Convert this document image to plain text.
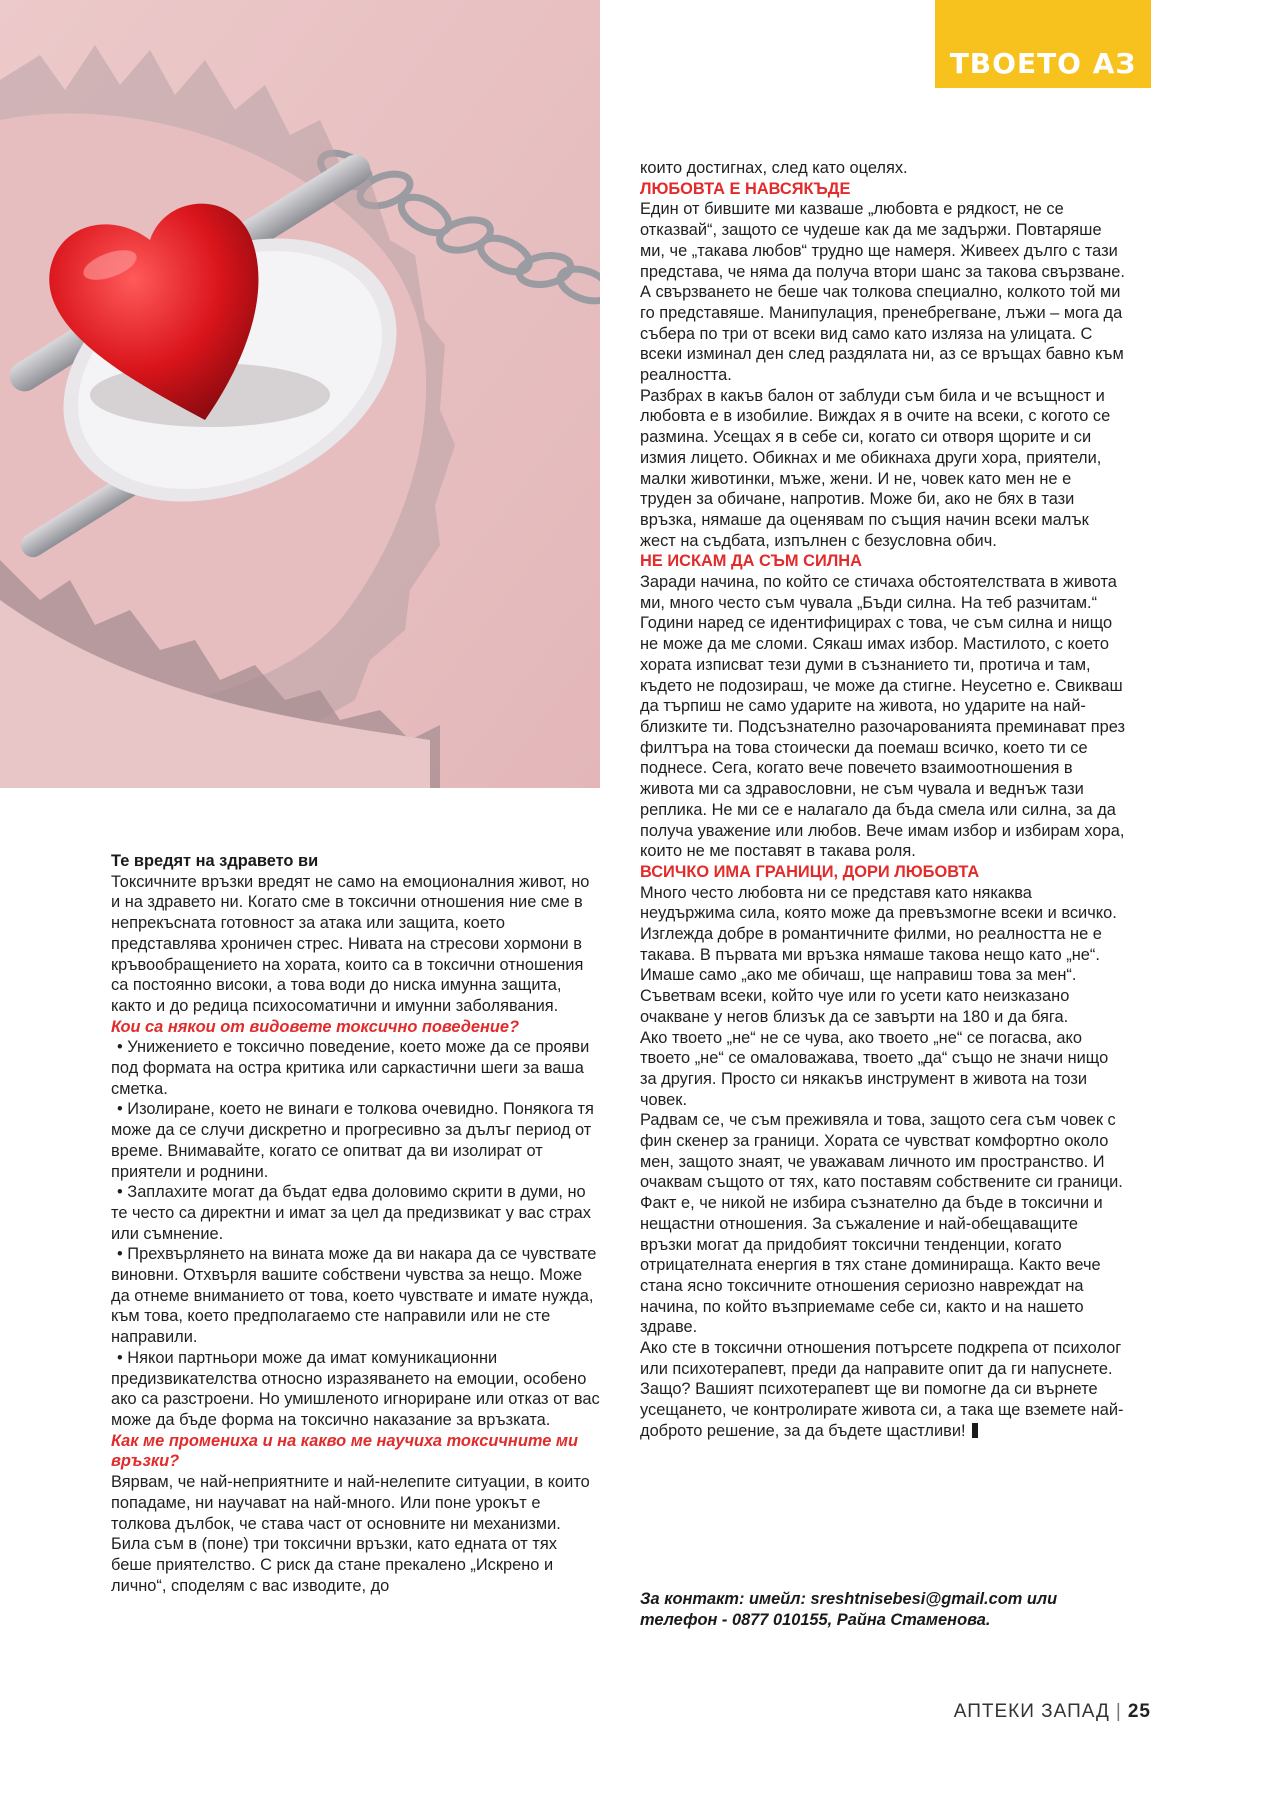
ТВОЕТО АЗ

Те вредят на здравето ви

Токсичните връзки вредят не само на емоционалния живот, но и на здравето ни. Когато сме в токсични отношения ние сме в непрекъсната готовност за атака или защита, което представлява хроничен стрес. Нивата на стресови хормони в кръвообращението на хората, които са в токсични отношения са постоянно високи, а това води до ниска имунна защита, както и до редица психосоматични и имунни заболявания.

Кои са някои от видовете токсично поведение?

• Унижението е токсично поведение, което може да се прояви под формата на остра критика или саркастични шеги за ваша сметка.

• Изолиране, което не винаги е толкова очевидно. Понякога тя може да се случи дискретно и прогресивно за дълъг период от време. Внимавайте, когато се опитват да ви изолират от приятели и роднини.

• Заплахите могат да бъдат едва доловимо скрити в думи, но те често са директни и имат за цел да предизвикат у вас страх или съмнение.

• Прехвърлянето на вината може да ви накара да се чувствате виновни. Отхвърля вашите собствени чувства за нещо. Може да отнеме вниманието от това, което чувствате и имате нужда, към това, което предполагаемо сте направили или не сте направили.

• Някои партньори може да имат комуникационни предизвикателства относно изразяването на емоции, особено ако са разстроени. Но умишленото игнориране или отказ от вас може да бъде форма на токсично наказание за връзката.

Как ме промениха и на какво ме научиха токсичните ми връзки?

Вярвам, че най-неприятните и най-нелепите ситуации, в които попадаме, ни научават на най-много. Или поне урокът е толкова дълбок, че става част от основните ни механизми. Била съм в (поне) три токсични връзки, като едната от тях беше приятелство. С риск да стане прекалено „Искрено и лично“, споделям с вас изводите, до

които достигнах, след като оцелях.

ЛЮБОВТА Е НАВСЯКЪДЕ

Един от бившите ми казваше „любовта е рядкост, не се отказвай“, защото се чудеше как да ме задържи. Повтаряше ми, че „такава любов“ трудно ще намеря. Живеех дълго с тази представа, че няма да получа втори шанс за такова свързване. А свързването не беше чак толкова специално, колкото той ми го представяше. Манипулация, пренебрегване, лъжи – мога да събера по три от всеки вид само като изляза на улицата. С всеки изминал ден след раздялата ни, аз се връщах бавно към реалността.

Разбрах в какъв балон от заблуди съм била и че всъщност и любовта е в изобилие. Виждах я в очите на всеки, с когото се размина. Усещах я в себе си, когато си отворя щорите и си измия лицето. Обикнах и ме обикнаха други хора, приятели, малки животинки, мъже, жени. И не, човек като мен не е труден за обичане, напротив. Може би, ако не бях в тази връзка, нямаше да оценявам по същия начин всеки малък жест на съдбата, изпълнен с безусловна обич.

НЕ ИСКАМ ДА СЪМ СИЛНА

Заради начина, по който се стичаха обстоятелствата в живота ми, много често съм чувала „Бъди силна. На теб разчитам.“ Години наред се идентифицирах с това, че съм силна и нищо не може да ме сломи. Сякаш имах избор. Мастилото, с което хората изписват тези думи в съзнанието ти, протича и там, където не подозираш, че може да стигне. Неусетно е. Свикваш да търпиш не само ударите на живота, но ударите на най-близките ти. Подсъзнателно разочарованията преминават през филтъра на това стоически да поемаш всичко, което ти се поднесе. Сега, когато вече повечето взаимоотношения в живота ми са здравословни, не съм чувала и веднъж тази реплика. Не ми се е налагало да бъда смела или силна, за да получа уважение или любов. Вече имам избор и избирам хора, които не ме поставят в такава роля.

ВСИЧКО ИМА ГРАНИЦИ, ДОРИ ЛЮБОВТА

Много често любовта ни се представя като някаква неудържима сила, която може да превъзмогне всеки и всичко. Изглежда добре в романтичните филми, но реалността не е такава. В първата ми връзка нямаше такова нещо като „не“. Имаше само „ако ме обичаш, ще направиш това за мен“. Съветвам всеки, който чуе или го усети като неизказано очакване у негов близък да се завърти на 180 и да бяга.

Ако твоето „не“ не се чува, ако твоето „не“ се погасва, ако твоето „не“ се омаловажава, твоето „да“ също не значи нищо за другия. Просто си някакъв инструмент в живота на този човек.

Радвам се, че съм преживяла и това, защото сега съм човек с фин скенер за граници. Хората се чувстват комфортно около мен, защото знаят, че уважавам личното им пространство. И очаквам същото от тях, като поставям собствените си граници.

Факт е, че никой не избира съзнателно да бъде в токсични и нещастни отношения. За съжаление и най-обещаващите връзки могат да придобият токсични тенденции, когато отрицателната енергия в тях стане доминираща. Както вече стана ясно токсичните отношения сериозно навреждат на начина, по който възприемаме себе си, както и на нашето здраве.

Ако сте в токсични отношения потърсете подкрепа от психолог или психотерапевт, преди да направите опит да ги напуснете. Защо? Вашият психотерапевт ще ви помогне да си върнете усещането, че контролирате живота си, а така ще вземете най-доброто решение, за да бъдете щастливи!

За контакт: имейл: sreshtnisebesi@gmail.com или телефон - 0877 010155, Райна Стаменова.
АПТЕКИ ЗАПАД | 25
